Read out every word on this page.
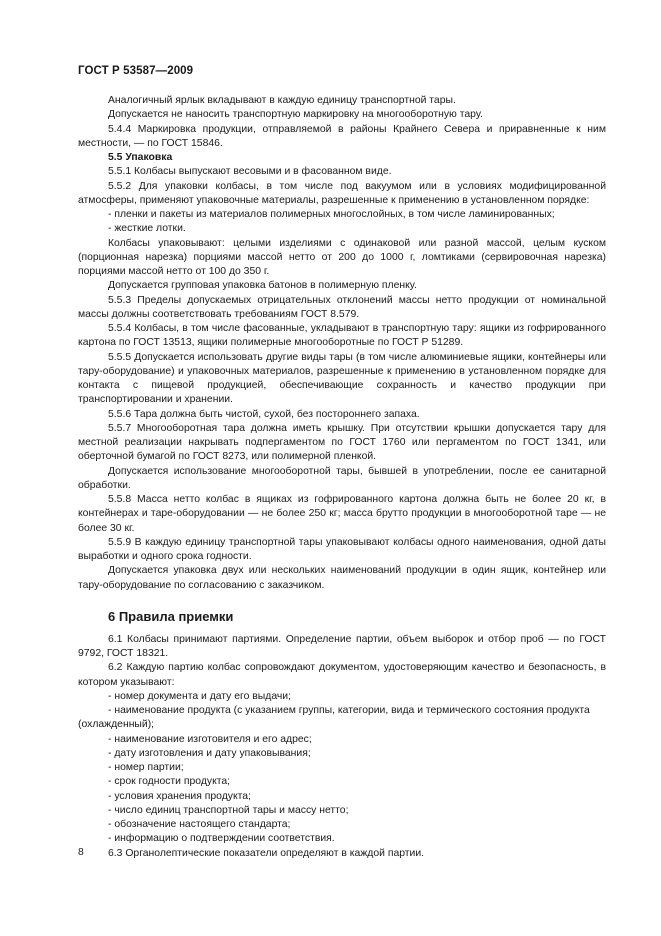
ГОСТ Р 53587—2009

Аналогичный ярлык вкладывают в каждую единицу транспортной тары.

Допускается не наносить транспортную маркировку на многооборотную тару.

5.4.4 Маркировка продукции, отправляемой в районы Крайнего Севера и приравненные к ним местности, — по ГОСТ 15846.

5.5 Упаковка

5.5.1 Колбасы выпускают весовыми и в фасованном виде.

5.5.2 Для упаковки колбасы, в том числе под вакуумом или в условиях модифицированной атмосферы, применяют упаковочные материалы, разрешенные к применению в установленном порядке:

- пленки и пакеты из материалов полимерных многослойных, в том числе ламинированных;

- жесткие лотки.

Колбасы упаковывают: целыми изделиями с одинаковой или разной массой, целым куском (порционная нарезка) порциями массой нетто от 200 до 1000 г, ломтиками (сервировочная нарезка) порциями массой нетто от 100 до 350 г.

Допускается групповая упаковка батонов в полимерную пленку.

5.5.3 Пределы допускаемых отрицательных отклонений массы нетто продукции от номинальной массы должны соответствовать требованиям ГОСТ 8.579.

5.5.4 Колбасы, в том числе фасованные, укладывают в транспортную тару: ящики из гофрированного картона по ГОСТ 13513, ящики полимерные многооборотные по ГОСТ Р 51289.

5.5.5 Допускается использовать другие виды тары (в том числе алюминиевые ящики, контейнеры или тару-оборудование) и упаковочных материалов, разрешенные к применению в установленном порядке для контакта с пищевой продукцией, обеспечивающие сохранность и качество продукции при транспортировании и хранении.

5.5.6 Тара должна быть чистой, сухой, без постороннего запаха.

5.5.7 Многооборотная тара должна иметь крышку. При отсутствии крышки допускается тару для местной реализации накрывать подпергаментом по ГОСТ 1760 или пергаментом по ГОСТ 1341, или оберточной бумагой по ГОСТ 8273, или полимерной пленкой.

Допускается использование многооборотной тары, бывшей в употреблении, после ее санитарной обработки.

5.5.8 Масса нетто колбас в ящиках из гофрированного картона должна быть не более 20 кг, в контейнерах и таре-оборудовании — не более 250 кг; масса брутто продукции в многооборотной таре — не более 30 кг.

5.5.9 В каждую единицу транспортной тары упаковывают колбасы одного наименования, одной даты выработки и одного срока годности.

Допускается упаковка двух или нескольких наименований продукции в один ящик, контейнер или тару-оборудование по согласованию с заказчиком.

6 Правила приемки

6.1 Колбасы принимают партиями. Определение партии, объем выборок и отбор проб — по ГОСТ 9792, ГОСТ 18321.

6.2 Каждую партию колбас сопровождают документом, удостоверяющим качество и безопасность, в котором указывают:

- номер документа и дату его выдачи;

- наименование продукта (с указанием группы, категории, вида и термического состояния продукта (охлажденный);

- наименование изготовителя и его адрес;

- дату изготовления и дату упаковывания;

- номер партии;

- срок годности продукта;

- условия хранения продукта;

- число единиц транспортной тары и массу нетто;

- обозначение настоящего стандарта;

- информацию о подтверждении соответствия.

6.3 Органолептические показатели определяют в каждой партии.

8
